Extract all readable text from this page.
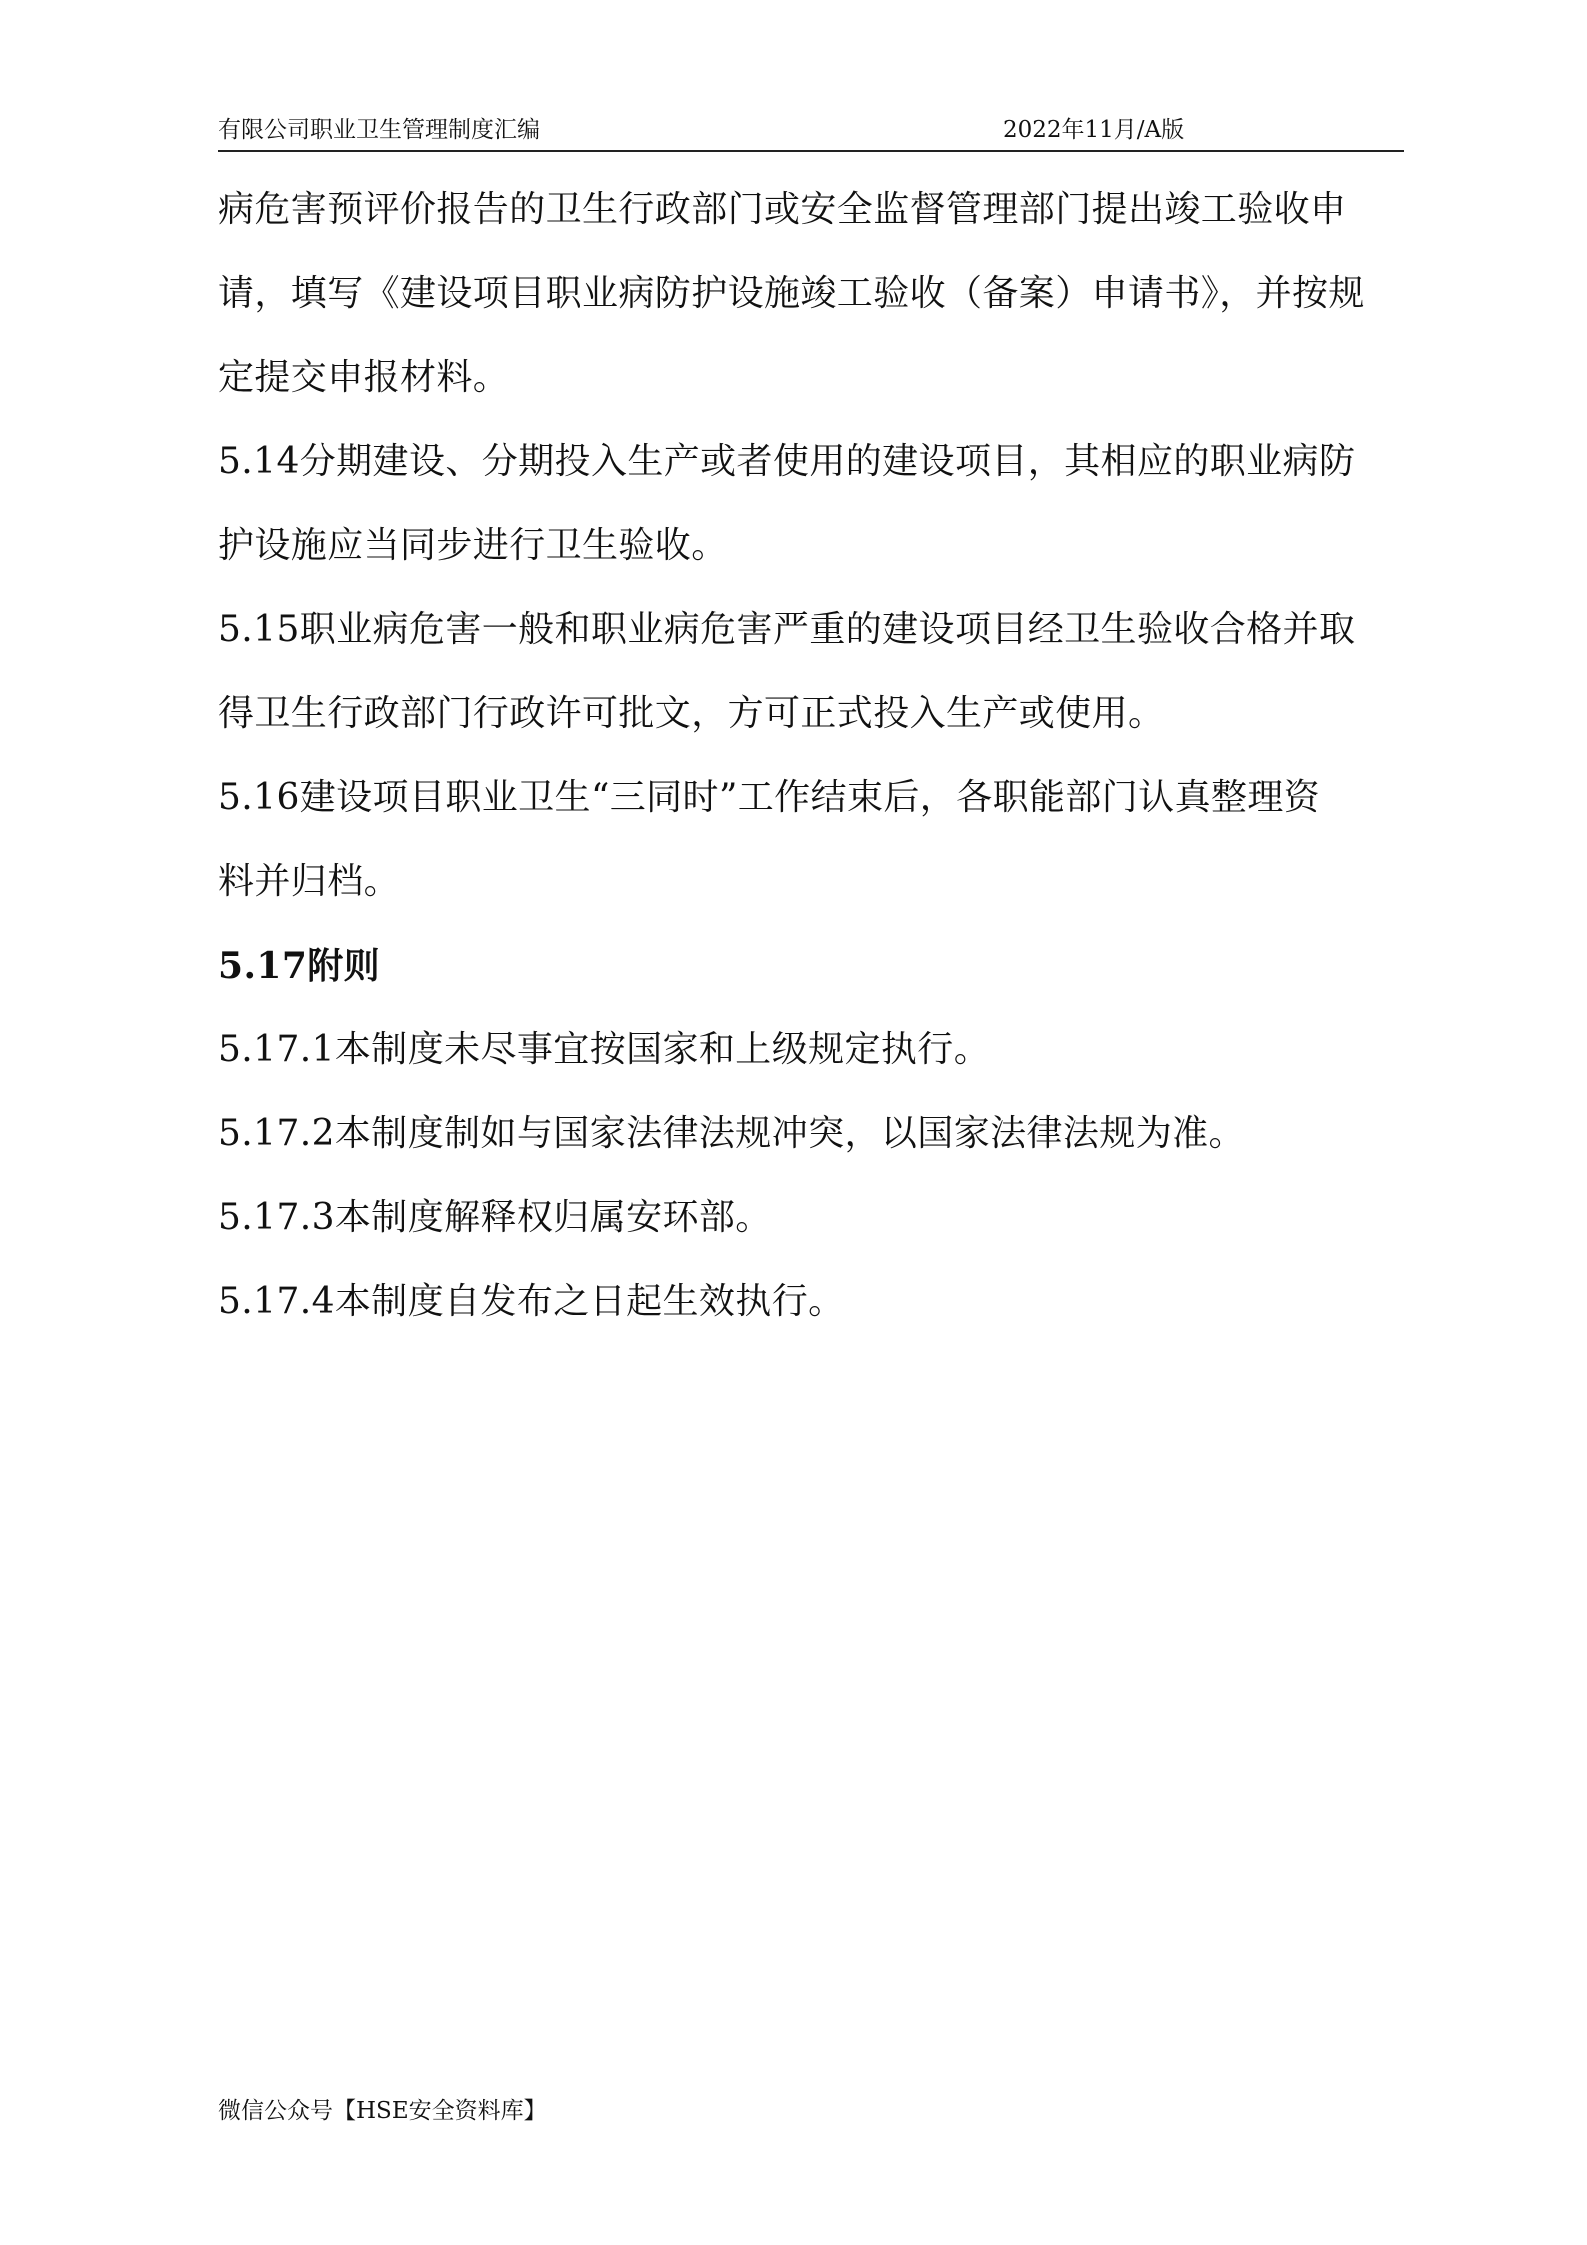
有限公司职业卫生管理制度汇编	2022年11月/A版
病危害预评价报告的卫生行政部门或安全监督管理部门提出竣工验收申
请，填写《建设项目职业病防护设施竣工验收（备案）申请书》，并按规
定提交申报材料。
5.14分期建设、分期投入生产或者使用的建设项目，其相应的职业病防
护设施应当同步进行卫生验收。
5.15职业病危害一般和职业病危害严重的建设项目经卫生验收合格并取
得卫生行政部门行政许可批文，方可正式投入生产或使用。
5.16建设项目职业卫生“三同时”工作结束后，各职能部门认真整理资
料并归档。
5.17附则
5.17.1本制度未尽事宜按国家和上级规定执行。
5.17.2本制度制如与国家法律法规冲突，以国家法律法规为准。
5.17.3本制度解释权归属安环部。
5.17.4本制度自发布之日起生效执行。
微信公众号【HSE安全资料库】
